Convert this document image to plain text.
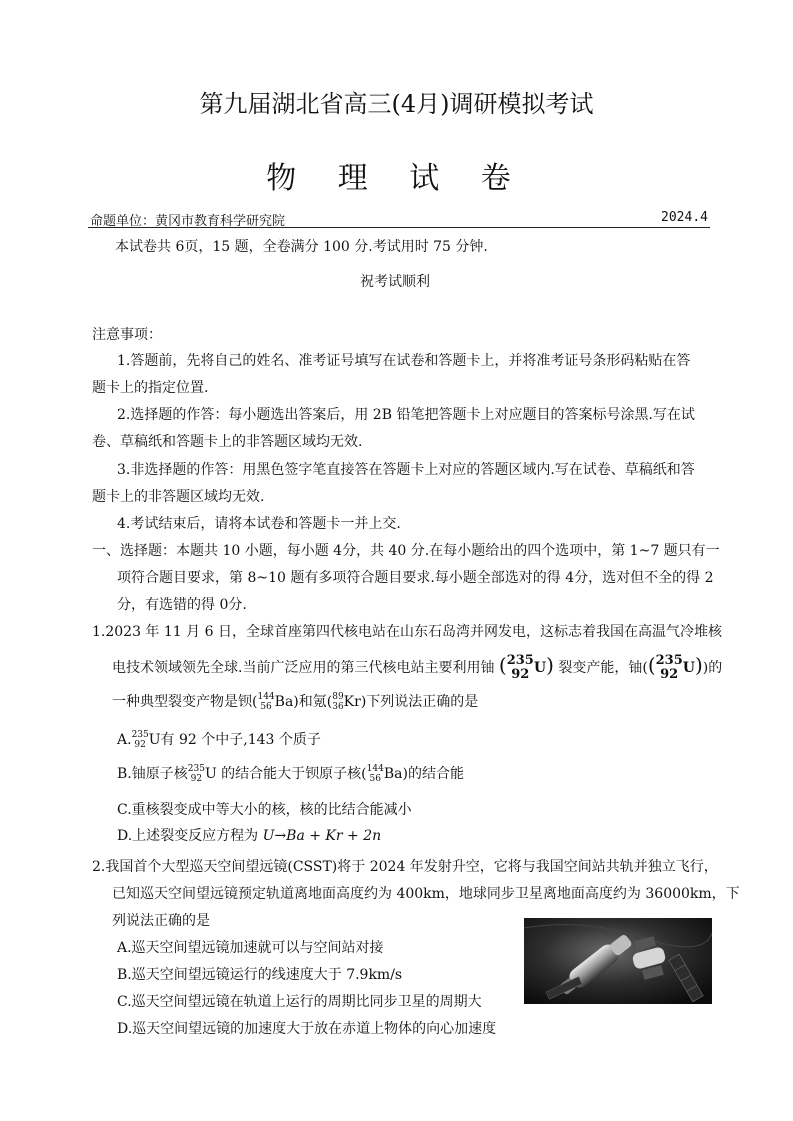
第九届湖北省高三(4月)调研模拟考试
物 理 试 卷
命题单位：黄冈市教育科学研究院	2024.4
本试卷共 6页，15 题，全卷满分 100 分.考试用时 75 分钟.
祝考试顺利
注意事项：
1.答题前，先将自己的姓名、准考证号填写在试卷和答题卡上，并将准考证号条形码粘贴在答
题卡上的指定位置.
2.选择题的作答：每小题选出答案后，用 2B 铅笔把答题卡上对应题目的答案标号涂黑.写在试
卷、草稿纸和答题卡上的非答题区域均无效.
3.非选择题的作答：用黑色签字笔直接答在答题卡上对应的答题区域内.写在试卷、草稿纸和答
题卡上的非答题区域均无效.
4.考试结束后，请将本试卷和答题卡一并上交.
一、选择题：本题共 10 小题，每小题 4分，共 40 分.在每小题给出的四个选项中，第 1~7 题只有一
项符合题目要求，第 8~10 题有多项符合题目要求.每小题全部选对的得 4分，选对但不全的得 2
分，有选错的得 0分.
1.2023 年 11 月 6 日，全球首座第四代核电站在山东石岛湾并网发电，这标志着我国在高温气冷堆核
电技术领域领先全球.当前广泛应用的第三代核电站主要利用铀 (235
92 U) 裂变产能，铀((235
92 U))的
一种典型裂变产物是钡(144
56 Ba)和氪(89
36Kr)下列说法正确的是
A.235
92 U有 92 个中子,143 个质子
B.铀原子核235
92 U 的结合能大于钡原子核(144
56 Ba)的结合能
C.重核裂变成中等大小的核，核的比结合能减小
D.上述裂变反应方程为 U→Ba + Kr + 2n
2.我国首个大型巡天空间望远镜(CSST)将于 2024 年发射升空，它将与我国空间站共轨并独立飞行，
已知巡天空间望远镜预定轨道离地面高度约为 400km，地球同步卫星离地面高度约为 36000km，下
列说法正确的是
A.巡天空间望远镜加速就可以与空间站对接
B.巡天空间望远镜运行的线速度大于 7.9km/s
C.巡天空间望远镜在轨道上运行的周期比同步卫星的周期大
D.巡天空间望远镜的加速度大于放在赤道上物体的向心加速度
